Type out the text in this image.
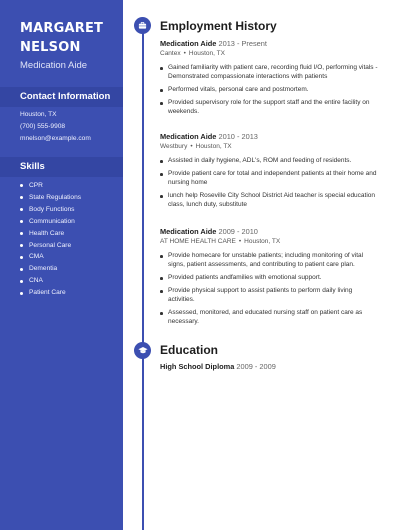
MARGARET
NELSON
Medication Aide
Contact Information
Houston, TX
(700) 555-9908
mnelson@example.com
Skills
CPR
State Regulations
Body Functions
Communication
Health Care
Personal Care
CMA
Dementia
CNA
Patient Care
Employment History
Medication Aide 2013 - Present
Cantex • Houston, TX
Gained familiarity with patient care, recording fluid I/O, performing vitals - Demonstrated compassionate interactions with patients
Performed vitals, personal care and postmortem.
Provided supervisory role for the support staff and the entire facility on weekends.
Medication Aide 2010 - 2013
Westbury • Houston, TX
Assisted in daily hygiene, ADL's, ROM and feeding of residents.
Provide patient care for total and independent patients at their home and nursing home
lunch help Roseville City School District Aid teacher is special education class, lunch duty, substitute
Medication Aide 2009 - 2010
AT HOME HEALTH CARE • Houston, TX
Provide homecare for unstable patients; including monitoring of vital signs, patient assessments, and contributing to patient care plan.
Provided patients andfamilies with emotional support.
Provide physical support to assist patients to perform daily living activities.
Assessed, monitored, and educated nursing staff on patient care as necessary.
Education
High School Diploma 2009 - 2009
